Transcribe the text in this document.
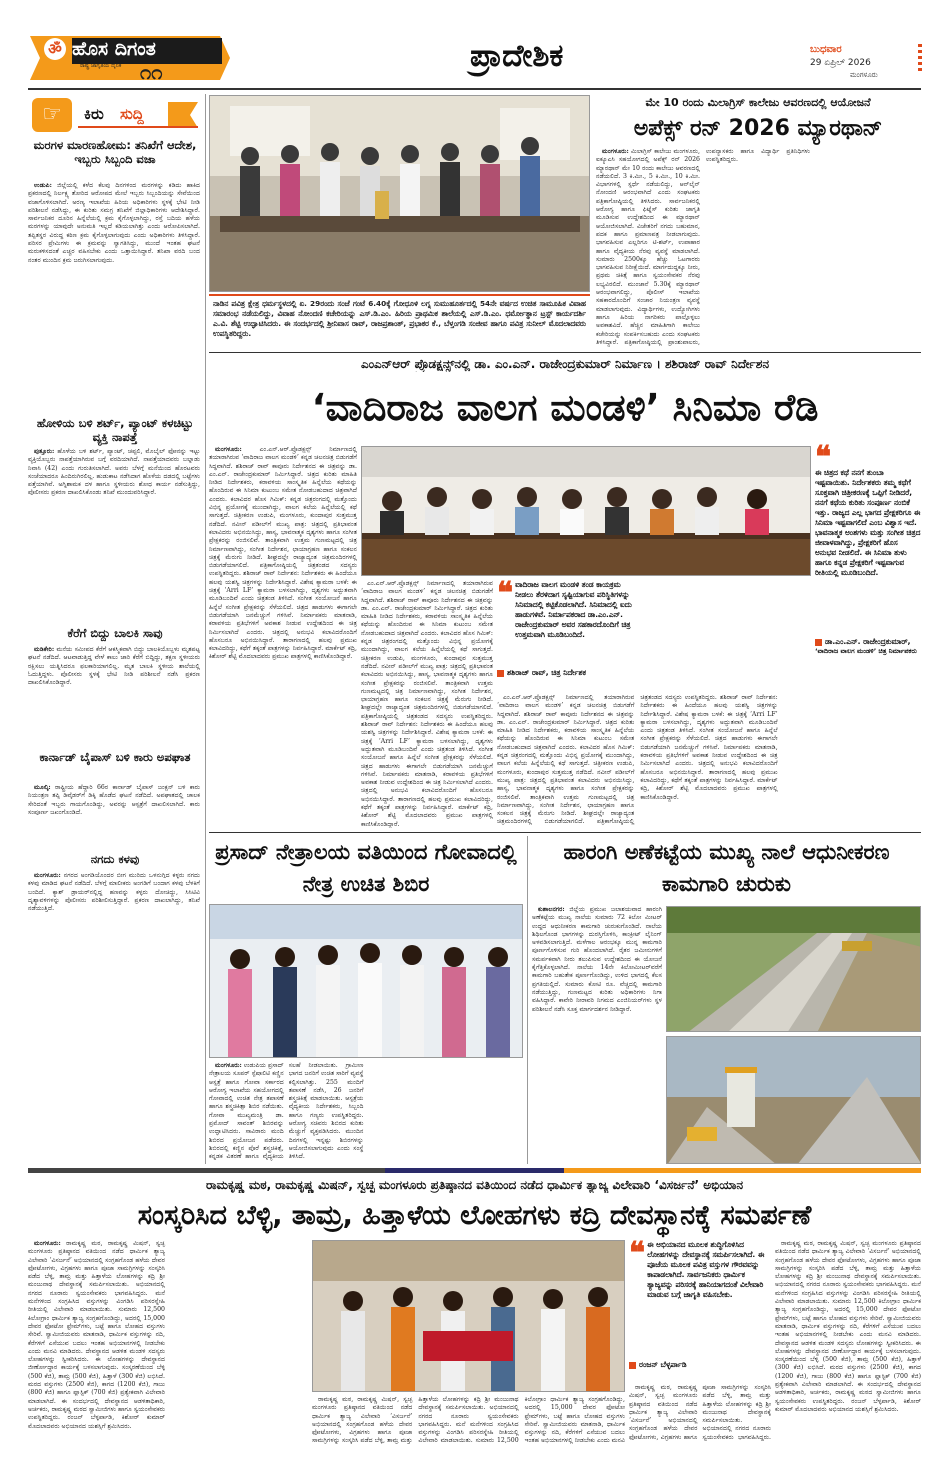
ॐ ಹೊಸ ದಿಗಂತ
ರಾಷ್ಟ್ರ ಜಾಗೃತಿಯ ದೈನಿಕ ೧೧	ಪ್ರಾದೇಶಿಕ	ಬುಧವಾರ
29 ಏಪ್ರಿಲ್ 2026
ಮಂಗಳೂರು
☞	ಕಿರು	ಸುದ್ದಿ
ಮರಗಳ ಮಾರಣಹೋಮ: ತನಿಖೆಗೆ ಆದೇಶ, ಇಬ್ಬರು ಸಿಬ್ಬಂದಿ ವಜಾ

ಉಡುಪಿ: ಜಿಲ್ಲೆಯಲ್ಲಿ ಕಳೆದ ಕೆಲವು ದಿನಗಳಿಂದ ಮರಗಳನ್ನು ಕಡಿದು ಹಾಕಿದ ಪ್ರಕರಣದಲ್ಲಿ ನಿರ್ಲಕ್ಷ್ಯ ತೋರಿದ ಆರೋಪದ ಮೇಲೆ ಇಬ್ಬರು ಸಿಬ್ಬಂದಿಯನ್ನು ಸೇವೆಯಿಂದ ವಜಾಗೊಳಿಸಲಾಗಿದೆ. ಅರಣ್ಯ ಇಲಾಖೆಯ ಹಿರಿಯ ಅಧಿಕಾರಿಗಳು ಸ್ಥಳಕ್ಕೆ ಭೇಟಿ ನೀಡಿ ಪರಿಶೀಲನೆ ನಡೆಸಿದ್ದು, ಈ ಕುರಿತು ಸಮಗ್ರ ತನಿಖೆಗೆ ಜಿಲ್ಲಾಧಿಕಾರಿಗಳು ಆದೇಶಿಸಿದ್ದಾರೆ. ಸಾರ್ವಜನಿಕರ ದೂರಿನ ಹಿನ್ನೆಲೆಯಲ್ಲಿ ಕ್ರಮ ಕೈಗೊಳ್ಳಲಾಗಿದ್ದು, ರಸ್ತೆ ಬದಿಯ ಹಳೆಯ ಮರಗಳನ್ನು ಯಾವುದೇ ಅನುಮತಿ ಇಲ್ಲದೆ ಕಡಿಯಲಾಗಿತ್ತು ಎಂದು ಆರೋಪಿಸಲಾಗಿದೆ. ತಪ್ಪಿತಸ್ಥರ ವಿರುದ್ಧ ಕಠಿಣ ಕ್ರಮ ಕೈಗೊಳ್ಳಲಾಗುವುದು ಎಂದು ಅಧಿಕಾರಿಗಳು ತಿಳಿಸಿದ್ದಾರೆ. ಪರಿಸರ ಪ್ರೇಮಿಗಳು ಈ ಕ್ರಮವನ್ನು ಸ್ವಾಗತಿಸಿದ್ದು, ಮುಂದೆ ಇಂತಹ ಘಟನೆ ಮರುಕಳಿಸದಂತೆ ಎಚ್ಚರ ವಹಿಸಬೇಕು ಎಂದು ಒತ್ತಾಯಿಸಿದ್ದಾರೆ. ತನಿಖಾ ವರದಿ ಬಂದ ನಂತರ ಮುಂದಿನ ಕ್ರಮ ಜರುಗಿಸಲಾಗುವುದು.

ಹೋಳಿಯ ಬಳಿ ಶರ್ಟ್, ಪ್ಯಾಂಟ್ ಕಳಚಿಟ್ಟು ವ್ಯಕ್ತಿ ನಾಪತ್ತೆ

ಪುತ್ತೂರು: ಹೊಳೆಯ ಬಳಿ ಶರ್ಟ್, ಪ್ಯಾಂಟ್, ಚಪ್ಪಲಿ, ಮೊಬೈಲ್ ಫೋನನ್ನು ಇಟ್ಟು ವ್ಯಕ್ತಿಯೊಬ್ಬರು ನಾಪತ್ತೆಯಾಗಿರುವ ಬಗ್ಗೆ ವರದಿಯಾಗಿದೆ. ನಾಪತ್ತೆಯಾದವರು ಬಲ್ನಾಡು ನಿವಾಸಿ (42) ಎಂದು ಗುರುತಿಸಲಾಗಿದೆ. ಅವರು ಬೆಳಗ್ಗೆ ಮನೆಯಿಂದ ಹೊರಟವರು ಸಂಜೆಯಾದರೂ ಹಿಂದಿರುಗಿರಲಿಲ್ಲ. ಹುಡುಕಾಟ ನಡೆಸಿದಾಗ ಹೊಳೆಯ ದಡದಲ್ಲಿ ಬಟ್ಟೆಗಳು ಪತ್ತೆಯಾಗಿವೆ. ಅಗ್ನಿಶಾಮಕ ದಳ ಹಾಗೂ ಸ್ಥಳೀಯರು ಶೋಧ ಕಾರ್ಯ ನಡೆಸುತ್ತಿದ್ದು, ಪೊಲೀಸರು ಪ್ರಕರಣ ದಾಖಲಿಸಿಕೊಂಡು ತನಿಖೆ ಮುಂದುವರಿಸಿದ್ದಾರೆ.

ಕೆರೆಗೆ ಬಿದ್ದು ಬಾಲಕಿ ಸಾವು

ಮಡಿಕೇರಿ: ಮನೆಯ ಸಮೀಪದ ಕೆರೆಗೆ ಆಕಸ್ಮಿಕವಾಗಿ ಬಿದ್ದು ಬಾಲಕಿಯೊಬ್ಬಳು ಮೃತಪಟ್ಟ ಘಟನೆ ನಡೆದಿದೆ. ಆಟವಾಡುತ್ತಿದ್ದ ವೇಳೆ ಕಾಲು ಜಾರಿ ಕೆರೆಗೆ ಬಿದ್ದಿದ್ದು, ತಕ್ಷಣ ಸ್ಥಳೀಯರು ರಕ್ಷಿಸಲು ಯತ್ನಿಸಿದರೂ ಫಲಕಾರಿಯಾಗಲಿಲ್ಲ. ಮೃತ ಬಾಲಕಿ ಸ್ಥಳೀಯ ಶಾಲೆಯಲ್ಲಿ ಓದುತ್ತಿದ್ದಳು. ಪೊಲೀಸರು ಸ್ಥಳಕ್ಕೆ ಭೇಟಿ ನೀಡಿ ಪರಿಶೀಲನೆ ನಡೆಸಿ ಪ್ರಕರಣ ದಾಖಲಿಸಿಕೊಂಡಿದ್ದಾರೆ.

ಕಾರ್ನಾಡ್ ಬೈಪಾಸ್ ಬಳಿ ಕಾರು ಅಪಘಾತ

ಮೂಲ್ಕಿ: ರಾಷ್ಟ್ರೀಯ ಹೆದ್ದಾರಿ 66ರ ಕಾರ್ನಾಡ್ ಬೈಪಾಸ್ ಜಂಕ್ಷನ್ ಬಳಿ ಕಾರು ನಿಯಂತ್ರಣ ತಪ್ಪಿ ಡಿವೈಡರ್‌ಗೆ ಡಿಕ್ಕಿ ಹೊಡೆದ ಘಟನೆ ನಡೆದಿದೆ. ಅಪಘಾತದಲ್ಲಿ ಚಾಲಕ ಸೇರಿದಂತೆ ಇಬ್ಬರು ಗಾಯಗೊಂಡಿದ್ದು, ಅವರನ್ನು ಆಸ್ಪತ್ರೆಗೆ ದಾಖಲಿಸಲಾಗಿದೆ. ಕಾರು ಸಂಪೂರ್ಣ ಜಖಂಗೊಂಡಿದೆ.

ನಗದು ಕಳವು

ಮಂಗಳೂರು: ನಗರದ ಅಂಗಡಿಯೊಂದರ ಬೀಗ ಮುರಿದು ಒಳನುಗ್ಗಿದ ಕಳ್ಳರು ನಗದು ಕಳವು ಮಾಡಿದ ಘಟನೆ ನಡೆದಿದೆ. ಬೆಳಗ್ಗೆ ಮಾಲೀಕರು ಅಂಗಡಿಗೆ ಬಂದಾಗ ಕಳವು ಬೆಳಕಿಗೆ ಬಂದಿದೆ. ಕ್ಯಾಶ್ ಡ್ರಾಯರ್‌ನಲ್ಲಿದ್ದ ಹಣವನ್ನು ಕಳ್ಳರು ದೋಚಿದ್ದು, ಸಿಸಿಟಿವಿ ದೃಶ್ಯಾವಳಿಗಳನ್ನು ಪೊಲೀಸರು ಪರಿಶೀಲಿಸುತ್ತಿದ್ದಾರೆ. ಪ್ರಕರಣ ದಾಖಲಾಗಿದ್ದು, ತನಿಖೆ ನಡೆಯುತ್ತಿದೆ.

ನಾಡಿನ ಪವಿತ್ರ ಕ್ಷೇತ್ರ ಧರ್ಮಸ್ಥಳದಲ್ಲಿ ಏ. 29ರಂದು ಸಂಜೆ ಗಂಟೆ 6.40ಕ್ಕೆ ಗೋಧೂಳಿ ಲಗ್ನ ಸುಮುಹೂರ್ತದಲ್ಲಿ 54ನೇ ವರ್ಷದ ಉಚಿತ ಸಾಮೂಹಿಕ ವಿವಾಹ ಸಮಾರಂಭ ನಡೆಯಲಿದ್ದು, ವಿವಾಹ ನೋಂದಣಿ ಕಚೇರಿಯನ್ನು ಎಸ್.ಡಿ.ಎಂ. ಹಿರಿಯ ಪ್ರಾಥಮಿಕ ಶಾಲೆಯಲ್ಲಿ ಎಸ್.ಡಿ.ಎಂ. ಧರ್ಮೋತ್ಥಾನ ಟ್ರಸ್ಟ್ ಕಾರ್ಯದರ್ಶಿ ಎ.ವಿ. ಶೆಟ್ಟಿ ಉದ್ಘಾಟಿಸಿದರು. ಈ ಸಂದರ್ಭದಲ್ಲಿ ಶ್ರೀನಿವಾಸ ರಾವ್, ರಾಜಪ್ರಶಾಂತ್, ಪ್ರಭಾಕರ ಕೆ., ಬೆಳ್ತಂಗಡಿ ಸಂಜೀವ ಹಾಗೂ ಪವಿತ್ರ ಸುನೀಲ್ ಮೊದಲಾದವರು ಉಪಸ್ಥಿತರಿದ್ದರು.
ಮೇ 10 ರಂದು ಮಿಲಾಗ್ರಿಸ್ ಕಾಲೇಜು ಆವರಣದಲ್ಲಿ ಆಯೋಜನೆ
ಅಪೆಕ್ಸ್ ರನ್ 2026 ಮ್ಯಾರಥಾನ್

ಮಂಗಳೂರು: ಮಿಲಾಗ್ರಿಸ್ ಕಾಲೇಜು ಮಂಗಳೂರು, ಐಕ್ಯೂಎಸಿ ಸಹಯೋಗದಲ್ಲಿ ಅಪೆಕ್ಸ್ ರನ್ 2026 ಮ್ಯಾರಥಾನ್ ಮೇ 10 ರಂದು ಕಾಲೇಜು ಆವರಣದಲ್ಲಿ ನಡೆಯಲಿದೆ. 3 ಕಿ.ಮೀ., 5 ಕಿ.ಮೀ., 10 ಕಿ.ಮೀ. ವಿಭಾಗಗಳಲ್ಲಿ ಸ್ಪರ್ಧೆ ನಡೆಯಲಿದ್ದು, ಆನ್‌ಲೈನ್ ನೋಂದಣಿ ಆರಂಭವಾಗಿದೆ ಎಂದು ಸಂಘಟಕರು ಪತ್ರಿಕಾಗೋಷ್ಠಿಯಲ್ಲಿ ತಿಳಿಸಿದರು. ಸಾರ್ವಜನಿಕರಲ್ಲಿ ಆರೋಗ್ಯ ಹಾಗೂ ಫಿಟ್ನೆಸ್ ಕುರಿತು ಜಾಗೃತಿ ಮೂಡಿಸುವ ಉದ್ದೇಶದಿಂದ ಈ ಮ್ಯಾರಥಾನ್ ಆಯೋಜಿಸಲಾಗಿದೆ. ವಿಜೇತರಿಗೆ ನಗದು ಬಹುಮಾನ, ಪದಕ ಹಾಗೂ ಪ್ರಮಾಣಪತ್ರ ನೀಡಲಾಗುವುದು. ಭಾಗವಹಿಸುವ ಎಲ್ಲರಿಗೂ ಟಿ-ಶರ್ಟ್, ಉಪಾಹಾರ ಹಾಗೂ ವೈದ್ಯಕೀಯ ನೆರವು ವ್ಯವಸ್ಥೆ ಮಾಡಲಾಗಿದೆ. ಸುಮಾರು 2500ಕ್ಕೂ ಹೆಚ್ಚು ಓಟಗಾರರು ಭಾಗವಹಿಸುವ ನಿರೀಕ್ಷೆಯಿದೆ. ಮಾರ್ಗದುದ್ದಕ್ಕೂ ನೀರು, ಪ್ರಥಮ ಚಿಕಿತ್ಸೆ ಹಾಗೂ ಸ್ವಯಂಸೇವಕರ ನೆರವು ಲಭ್ಯವಿರಲಿದೆ. ಮುಂಜಾನೆ 5.30ಕ್ಕೆ ಮ್ಯಾರಥಾನ್ ಆರಂಭವಾಗಲಿದ್ದು, ಪೊಲೀಸ್ ಇಲಾಖೆಯ ಸಹಕಾರದೊಂದಿಗೆ ಸಂಚಾರ ನಿಯಂತ್ರಣ ವ್ಯವಸ್ಥೆ ಮಾಡಲಾಗುವುದು. ವಿದ್ಯಾರ್ಥಿಗಳು, ಉದ್ಯೋಗಿಗಳು ಹಾಗೂ ಹಿರಿಯ ನಾಗರಿಕರು ಪಾಲ್ಗೊಳ್ಳಲು ಅವಕಾಶವಿದೆ. ಹೆಚ್ಚಿನ ಮಾಹಿತಿಗಾಗಿ ಕಾಲೇಜು ಕಚೇರಿಯನ್ನು ಸಂಪರ್ಕಿಸಬಹುದು ಎಂದು ಸಂಘಟಕರು ತಿಳಿಸಿದ್ದಾರೆ. ಪತ್ರಿಕಾಗೋಷ್ಠಿಯಲ್ಲಿ ಪ್ರಾಂಶುಪಾಲರು, ಉಪನ್ಯಾಸಕರು ಹಾಗೂ ವಿದ್ಯಾರ್ಥಿ ಪ್ರತಿನಿಧಿಗಳು ಉಪಸ್ಥಿತರಿದ್ದರು.

ಎಂಎನ್ಆರ್ ಪ್ರೊಡಕ್ಷನ್ಸ್‌ನಲ್ಲಿ ಡಾ. ಎಂ.ಎನ್. ರಾಜೇಂದ್ರಕುಮಾರ್ ನಿರ್ಮಾಣ । ಶಶಿರಾಜ್ ರಾವ್ ನಿರ್ದೇಶನ
‘ವಾದಿರಾಜ ವಾಲಗ ಮಂಡಳಿ’ ಸಿನಿಮಾ ರೆಡಿ

ಮಂಗಳೂರು:	ಎಂ.ಎನ್.ಆರ್.ಪ್ರೊಡಕ್ಷನ್ಸ್ ನಿರ್ಮಾಣದಲ್ಲಿ ತಯಾರಾಗಿರುವ ‘ವಾದಿರಾಜ ವಾಲಗ ಮಂಡಳಿ’ ಕನ್ನಡ ಚಲನಚಿತ್ರ ಬಿಡುಗಡೆಗೆ ಸಿದ್ಧವಾಗಿದೆ. ಶಶಿರಾಜ್ ರಾವ್ ಕಾವೂರು ನಿರ್ದೇಶನದ ಈ ಚಿತ್ರವನ್ನು ಡಾ. ಎಂ.ಎನ್. ರಾಜೇಂದ್ರಕುಮಾರ್ ನಿರ್ಮಿಸಿದ್ದಾರೆ. ಚಿತ್ರದ ಕುರಿತು ಮಾಹಿತಿ ನೀಡಿದ ನಿರ್ದೇಶಕರು, ಕರಾವಳಿಯ ಸಾಂಸ್ಕೃತಿಕ ಹಿನ್ನೆಲೆಯ ಕಥೆಯನ್ನು ಹೊಂದಿರುವ ಈ ಸಿನಿಮಾ ಕುಟುಂಬ ಸಮೇತ ನೋಡಬಹುದಾದ ಚಿತ್ರವಾಗಿದೆ ಎಂದರು. ಕಲಾವಿದರ ಹೊಸ ಗಿಮಿಕ್: ಕನ್ನಡ ಚಿತ್ರರಂಗದಲ್ಲಿ ಮತ್ತೊಂದು ವಿಭಿನ್ನ ಪ್ರಯೋಗಕ್ಕೆ ಮುಂದಾಗಿದ್ದು, ವಾಲಗ ಕಲೆಯ ಹಿನ್ನೆಲೆಯಲ್ಲಿ ಕಥೆ ಸಾಗುತ್ತದೆ. ಚಿತ್ರೀಕರಣ ಉಡುಪಿ, ಮಂಗಳೂರು, ಕುಂದಾಪುರ ಸುತ್ತಮುತ್ತ ನಡೆದಿದೆ. ನವೀನ್ ಪಡೀಲ್‌ಗೆ ಮುಖ್ಯ ಪಾತ್ರ: ಚಿತ್ರದಲ್ಲಿ ಪ್ರತಿಭಾವಂತ ಕಲಾವಿದರು ಅಭಿನಯಿಸಿದ್ದು, ಹಾಸ್ಯ, ಭಾವನಾತ್ಮಕ ದೃಶ್ಯಗಳು ಹಾಗೂ ಸಂಗೀತ ಪ್ರೇಕ್ಷಕರನ್ನು ರಂಜಿಸಲಿವೆ. ತಾಂತ್ರಿಕವಾಗಿ ಉತ್ತಮ ಗುಣಮಟ್ಟದಲ್ಲಿ ಚಿತ್ರ ನಿರ್ಮಾಣವಾಗಿದ್ದು, ಸಂಗೀತ ನಿರ್ದೇಶನ, ಛಾಯಾಗ್ರಹಣ ಹಾಗೂ ಸಂಕಲನ ಚಿತ್ರಕ್ಕೆ ಮೆರುಗು ನೀಡಿದೆ. ಶೀಘ್ರದಲ್ಲೇ ರಾಜ್ಯಾದ್ಯಂತ ಚಿತ್ರಮಂದಿರಗಳಲ್ಲಿ ಬಿಡುಗಡೆಯಾಗಲಿದೆ. ಪತ್ರಿಕಾಗೋಷ್ಠಿಯಲ್ಲಿ ಚಿತ್ರತಂಡದ ಸದಸ್ಯರು ಉಪಸ್ಥಿತರಿದ್ದರು. ಶಶಿರಾಜ್ ರಾವ್ ನಿರ್ದೇಶನ: ನಿರ್ದೇಶಕರು ಈ ಹಿಂದೆಯೂ ಹಲವು ಯಶಸ್ವಿ ಚಿತ್ರಗಳನ್ನು ನಿರ್ದೇಶಿಸಿದ್ದಾರೆ. ವಿಶೇಷ ಕ್ಯಾಮರಾ ಬಳಕೆ: ಈ ಚಿತ್ರಕ್ಕೆ ‘Arri LF’ ಕ್ಯಾಮರಾ ಬಳಸಲಾಗಿದ್ದು, ದೃಶ್ಯಗಳು ಅದ್ಭುತವಾಗಿ ಮೂಡಿಬಂದಿವೆ ಎಂದು ಚಿತ್ರತಂಡ ತಿಳಿಸಿದೆ. ಸಂಗೀತ ಸಂಯೋಜನೆ ಹಾಗೂ ಹಿನ್ನೆಲೆ ಸಂಗೀತ ಪ್ರೇಕ್ಷಕರನ್ನು ಸೆಳೆಯಲಿದೆ. ಚಿತ್ರದ ಹಾಡುಗಳು ಈಗಾಗಲೇ ಬಿಡುಗಡೆಯಾಗಿ ಜನಮೆಚ್ಚುಗೆ ಗಳಿಸಿವೆ. ನಿರ್ಮಾಪಕರು ಮಾತನಾಡಿ, ಕರಾವಳಿಯ ಪ್ರತಿಭೆಗಳಿಗೆ ಅವಕಾಶ ನೀಡುವ ಉದ್ದೇಶದಿಂದ ಈ ಚಿತ್ರ ನಿರ್ಮಿಸಲಾಗಿದೆ ಎಂದರು. ಚಿತ್ರದಲ್ಲಿ ಅನುಭವಿ ಕಲಾವಿದರೊಂದಿಗೆ ಹೊಸಬರೂ ಅಭಿನಯಿಸಿದ್ದಾರೆ. ತಾರಾಗಣದಲ್ಲಿ ಹಲವು ಪ್ರಮುಖ ಕಲಾವಿದರಿದ್ದು, ಕಥೆಗೆ ತಕ್ಕಂತೆ ಪಾತ್ರಗಳನ್ನು ನಿರ್ವಹಿಸಿದ್ದಾರೆ. ಮಾರ್ಕೆಟ್ ಕದ್ರಿ, ಕಿಶೋರ್ ಶೆಟ್ಟಿ ಮೊದಲಾದವರು ಪ್ರಮುಖ ಪಾತ್ರಗಳಲ್ಲಿ ಕಾಣಿಸಿಕೊಂಡಿದ್ದಾರೆ.

❝
ಈ ಚಿತ್ರದ ಕಥೆ ನನಗೆ ತುಂಬಾ ಇಷ್ಟವಾಯಿತು. ನಿರ್ದೇಶಕರು ತಮ್ಮ ಕಥೆಗೆ ಸೂಕ್ತವಾಗಿ ಚಿತ್ರೀಕರಣಕ್ಕೆ ಒಪ್ಪಿಗೆ ನೀಡಿದರೆ, ನನಗೆ ಕಥೆಯ ಕುರಿತು ಸಂಪೂರ್ಣ ನಂಬಿಕೆ ಇತ್ತು. ರಾಜ್ಯದ ಎಲ್ಲ ಭಾಗದ ಪ್ರೇಕ್ಷಕರಿಗೂ ಈ ಸಿನಿಮಾ ಇಷ್ಟವಾಗಲಿದೆ ಎಂಬ ವಿಶ್ವಾಸ ಇದೆ. ಭಾವನಾತ್ಮಕ ಅಂಶಗಳು ಮತ್ತು ಸಂಗೀತ ಚಿತ್ರದ ಜೀವಾಳವಾಗಿದ್ದು, ಪ್ರೇಕ್ಷಕರಿಗೆ ಹೊಸ ಅನುಭವ ನೀಡಲಿದೆ. ಈ ಸಿನಿಮಾ ತುಳು ಹಾಗೂ ಕನ್ನಡ ಪ್ರೇಕ್ಷಕರಿಗೆ ಇಷ್ಟವಾಗುವ ರೀತಿಯಲ್ಲಿ ಮೂಡಿಬಂದಿದೆ.
ಡಾ.ಎಂ.ಎನ್. ರಾಜೇಂದ್ರಕುಮಾರ್,
‘ವಾದಿರಾಜ ವಾಲಗ ಮಂಡಳಿ’ ಚಿತ್ರ ನಿರ್ಮಾಪಕರು

ಎಂ.ಎನ್.ಆರ್.ಪ್ರೊಡಕ್ಷನ್ಸ್ ನಿರ್ಮಾಣದಲ್ಲಿ ತಯಾರಾಗಿರುವ ‘ವಾದಿರಾಜ ವಾಲಗ ಮಂಡಳಿ’ ಕನ್ನಡ ಚಲನಚಿತ್ರ ಬಿಡುಗಡೆಗೆ ಸಿದ್ಧವಾಗಿದೆ. ಶಶಿರಾಜ್ ರಾವ್ ಕಾವೂರು ನಿರ್ದೇಶನದ ಈ ಚಿತ್ರವನ್ನು ಡಾ. ಎಂ.ಎನ್. ರಾಜೇಂದ್ರಕುಮಾರ್ ನಿರ್ಮಿಸಿದ್ದಾರೆ. ಚಿತ್ರದ ಕುರಿತು ಮಾಹಿತಿ ನೀಡಿದ ನಿರ್ದೇಶಕರು, ಕರಾವಳಿಯ ಸಾಂಸ್ಕೃತಿಕ ಹಿನ್ನೆಲೆಯ ಕಥೆಯನ್ನು ಹೊಂದಿರುವ ಈ ಸಿನಿಮಾ ಕುಟುಂಬ ಸಮೇತ ನೋಡಬಹುದಾದ ಚಿತ್ರವಾಗಿದೆ ಎಂದರು. ಕಲಾವಿದರ ಹೊಸ ಗಿಮಿಕ್: ಕನ್ನಡ ಚಿತ್ರರಂಗದಲ್ಲಿ ಮತ್ತೊಂದು ವಿಭಿನ್ನ ಪ್ರಯೋಗಕ್ಕೆ ಮುಂದಾಗಿದ್ದು, ವಾಲಗ ಕಲೆಯ ಹಿನ್ನೆಲೆಯಲ್ಲಿ ಕಥೆ ಸಾಗುತ್ತದೆ. ಚಿತ್ರೀಕರಣ ಉಡುಪಿ, ಮಂಗಳೂರು, ಕುಂದಾಪುರ ಸುತ್ತಮುತ್ತ ನಡೆದಿದೆ. ನವೀನ್ ಪಡೀಲ್‌ಗೆ ಮುಖ್ಯ ಪಾತ್ರ: ಚಿತ್ರದಲ್ಲಿ ಪ್ರತಿಭಾವಂತ ಕಲಾವಿದರು ಅಭಿನಯಿಸಿದ್ದು, ಹಾಸ್ಯ, ಭಾವನಾತ್ಮಕ ದೃಶ್ಯಗಳು ಹಾಗೂ ಸಂಗೀತ ಪ್ರೇಕ್ಷಕರನ್ನು ರಂಜಿಸಲಿವೆ. ತಾಂತ್ರಿಕವಾಗಿ ಉತ್ತಮ ಗುಣಮಟ್ಟದಲ್ಲಿ ಚಿತ್ರ ನಿರ್ಮಾಣವಾಗಿದ್ದು, ಸಂಗೀತ ನಿರ್ದೇಶನ, ಛಾಯಾಗ್ರಹಣ ಹಾಗೂ ಸಂಕಲನ ಚಿತ್ರಕ್ಕೆ ಮೆರುಗು ನೀಡಿದೆ. ಶೀಘ್ರದಲ್ಲೇ ರಾಜ್ಯಾದ್ಯಂತ ಚಿತ್ರಮಂದಿರಗಳಲ್ಲಿ ಬಿಡುಗಡೆಯಾಗಲಿದೆ. ಪತ್ರಿಕಾಗೋಷ್ಠಿಯಲ್ಲಿ ಚಿತ್ರತಂಡದ ಸದಸ್ಯರು ಉಪಸ್ಥಿತರಿದ್ದರು. ಶಶಿರಾಜ್ ರಾವ್ ನಿರ್ದೇಶನ: ನಿರ್ದೇಶಕರು ಈ ಹಿಂದೆಯೂ ಹಲವು ಯಶಸ್ವಿ ಚಿತ್ರಗಳನ್ನು ನಿರ್ದೇಶಿಸಿದ್ದಾರೆ. ವಿಶೇಷ ಕ್ಯಾಮರಾ ಬಳಕೆ: ಈ ಚಿತ್ರಕ್ಕೆ ‘Arri LF’ ಕ್ಯಾಮರಾ ಬಳಸಲಾಗಿದ್ದು, ದೃಶ್ಯಗಳು ಅದ್ಭುತವಾಗಿ ಮೂಡಿಬಂದಿವೆ ಎಂದು ಚಿತ್ರತಂಡ ತಿಳಿಸಿದೆ. ಸಂಗೀತ ಸಂಯೋಜನೆ ಹಾಗೂ ಹಿನ್ನೆಲೆ ಸಂಗೀತ ಪ್ರೇಕ್ಷಕರನ್ನು ಸೆಳೆಯಲಿದೆ. ಚಿತ್ರದ ಹಾಡುಗಳು ಈಗಾಗಲೇ ಬಿಡುಗಡೆಯಾಗಿ ಜನಮೆಚ್ಚುಗೆ ಗಳಿಸಿವೆ. ನಿರ್ಮಾಪಕರು ಮಾತನಾಡಿ, ಕರಾವಳಿಯ ಪ್ರತಿಭೆಗಳಿಗೆ ಅವಕಾಶ ನೀಡುವ ಉದ್ದೇಶದಿಂದ ಈ ಚಿತ್ರ ನಿರ್ಮಿಸಲಾಗಿದೆ ಎಂದರು. ಚಿತ್ರದಲ್ಲಿ ಅನುಭವಿ ಕಲಾವಿದರೊಂದಿಗೆ ಹೊಸಬರೂ ಅಭಿನಯಿಸಿದ್ದಾರೆ. ತಾರಾಗಣದಲ್ಲಿ ಹಲವು ಪ್ರಮುಖ ಕಲಾವಿದರಿದ್ದು, ಕಥೆಗೆ ತಕ್ಕಂತೆ ಪಾತ್ರಗಳನ್ನು ನಿರ್ವಹಿಸಿದ್ದಾರೆ. ಮಾರ್ಕೆಟ್ ಕದ್ರಿ, ಕಿಶೋರ್ ಶೆಟ್ಟಿ ಮೊದಲಾದವರು ಪ್ರಮುಖ ಪಾತ್ರಗಳಲ್ಲಿ ಕಾಣಿಸಿಕೊಂಡಿದ್ದಾರೆ.

❝ ವಾದಿರಾಜ ವಾಲಗ ಮಂಡಳಿ ತಂಡ ಕಾಯಕ್ರಮ ನೀಡಲು ತೆರಳಿದಾಗ ಸೃಷ್ಟಿಯಾಗುವ ಪರಿಸ್ಥಿತಿಗಳನ್ನು ಸಿನಿಮಾದಲ್ಲಿ ಕಟ್ಟಿಕೊಡಲಾಗಿದೆ. ಸಿನಿಮಾದಲ್ಲಿ ಐದು ಹಾಡುಗಳಿವೆ. ನಿರ್ಮಾಪಕರಾದ ಡಾ.ಎಂ.ಎನ್. ರಾಜೇಂದ್ರಕುಮಾರ್ ಅವರ ಸಹಕಾರದೊಂದಿಗೆ ಚಿತ್ರ ಉತ್ತಮವಾಗಿ ಮೂಡಿಬಂದಿದೆ.
ಶಶಿರಾಜ್ ರಾವ್, ಚಿತ್ರ ನಿರ್ದೇಶಕ

ಎಂ.ಎನ್.ಆರ್.ಪ್ರೊಡಕ್ಷನ್ಸ್ ನಿರ್ಮಾಣದಲ್ಲಿ ತಯಾರಾಗಿರುವ ‘ವಾದಿರಾಜ ವಾಲಗ ಮಂಡಳಿ’ ಕನ್ನಡ ಚಲನಚಿತ್ರ ಬಿಡುಗಡೆಗೆ ಸಿದ್ಧವಾಗಿದೆ. ಶಶಿರಾಜ್ ರಾವ್ ಕಾವೂರು ನಿರ್ದೇಶನದ ಈ ಚಿತ್ರವನ್ನು ಡಾ. ಎಂ.ಎನ್. ರಾಜೇಂದ್ರಕುಮಾರ್ ನಿರ್ಮಿಸಿದ್ದಾರೆ. ಚಿತ್ರದ ಕುರಿತು ಮಾಹಿತಿ ನೀಡಿದ ನಿರ್ದೇಶಕರು, ಕರಾವಳಿಯ ಸಾಂಸ್ಕೃತಿಕ ಹಿನ್ನೆಲೆಯ ಕಥೆಯನ್ನು ಹೊಂದಿರುವ ಈ ಸಿನಿಮಾ ಕುಟುಂಬ ಸಮೇತ ನೋಡಬಹುದಾದ ಚಿತ್ರವಾಗಿದೆ ಎಂದರು. ಕಲಾವಿದರ ಹೊಸ ಗಿಮಿಕ್: ಕನ್ನಡ ಚಿತ್ರರಂಗದಲ್ಲಿ ಮತ್ತೊಂದು ವಿಭಿನ್ನ ಪ್ರಯೋಗಕ್ಕೆ ಮುಂದಾಗಿದ್ದು, ವಾಲಗ ಕಲೆಯ ಹಿನ್ನೆಲೆಯಲ್ಲಿ ಕಥೆ ಸಾಗುತ್ತದೆ. ಚಿತ್ರೀಕರಣ ಉಡುಪಿ, ಮಂಗಳೂರು, ಕುಂದಾಪುರ ಸುತ್ತಮುತ್ತ ನಡೆದಿದೆ. ನವೀನ್ ಪಡೀಲ್‌ಗೆ ಮುಖ್ಯ ಪಾತ್ರ: ಚಿತ್ರದಲ್ಲಿ ಪ್ರತಿಭಾವಂತ ಕಲಾವಿದರು ಅಭಿನಯಿಸಿದ್ದು, ಹಾಸ್ಯ, ಭಾವನಾತ್ಮಕ ದೃಶ್ಯಗಳು ಹಾಗೂ ಸಂಗೀತ ಪ್ರೇಕ್ಷಕರನ್ನು ರಂಜಿಸಲಿವೆ. ತಾಂತ್ರಿಕವಾಗಿ ಉತ್ತಮ ಗುಣಮಟ್ಟದಲ್ಲಿ ಚಿತ್ರ ನಿರ್ಮಾಣವಾಗಿದ್ದು, ಸಂಗೀತ ನಿರ್ದೇಶನ, ಛಾಯಾಗ್ರಹಣ ಹಾಗೂ ಸಂಕಲನ ಚಿತ್ರಕ್ಕೆ ಮೆರುಗು ನೀಡಿದೆ. ಶೀಘ್ರದಲ್ಲೇ ರಾಜ್ಯಾದ್ಯಂತ ಚಿತ್ರಮಂದಿರಗಳಲ್ಲಿ ಬಿಡುಗಡೆಯಾಗಲಿದೆ. ಪತ್ರಿಕಾಗೋಷ್ಠಿಯಲ್ಲಿ ಚಿತ್ರತಂಡದ ಸದಸ್ಯರು ಉಪಸ್ಥಿತರಿದ್ದರು. ಶಶಿರಾಜ್ ರಾವ್ ನಿರ್ದೇಶನ: ನಿರ್ದೇಶಕರು ಈ ಹಿಂದೆಯೂ ಹಲವು ಯಶಸ್ವಿ ಚಿತ್ರಗಳನ್ನು ನಿರ್ದೇಶಿಸಿದ್ದಾರೆ. ವಿಶೇಷ ಕ್ಯಾಮರಾ ಬಳಕೆ: ಈ ಚಿತ್ರಕ್ಕೆ ‘Arri LF’ ಕ್ಯಾಮರಾ ಬಳಸಲಾಗಿದ್ದು, ದೃಶ್ಯಗಳು ಅದ್ಭುತವಾಗಿ ಮೂಡಿಬಂದಿವೆ ಎಂದು ಚಿತ್ರತಂಡ ತಿಳಿಸಿದೆ. ಸಂಗೀತ ಸಂಯೋಜನೆ ಹಾಗೂ ಹಿನ್ನೆಲೆ ಸಂಗೀತ ಪ್ರೇಕ್ಷಕರನ್ನು ಸೆಳೆಯಲಿದೆ. ಚಿತ್ರದ ಹಾಡುಗಳು ಈಗಾಗಲೇ ಬಿಡುಗಡೆಯಾಗಿ ಜನಮೆಚ್ಚುಗೆ ಗಳಿಸಿವೆ. ನಿರ್ಮಾಪಕರು ಮಾತನಾಡಿ, ಕರಾವಳಿಯ ಪ್ರತಿಭೆಗಳಿಗೆ ಅವಕಾಶ ನೀಡುವ ಉದ್ದೇಶದಿಂದ ಈ ಚಿತ್ರ ನಿರ್ಮಿಸಲಾಗಿದೆ ಎಂದರು. ಚಿತ್ರದಲ್ಲಿ ಅನುಭವಿ ಕಲಾವಿದರೊಂದಿಗೆ ಹೊಸಬರೂ ಅಭಿನಯಿಸಿದ್ದಾರೆ. ತಾರಾಗಣದಲ್ಲಿ ಹಲವು ಪ್ರಮುಖ ಕಲಾವಿದರಿದ್ದು, ಕಥೆಗೆ ತಕ್ಕಂತೆ ಪಾತ್ರಗಳನ್ನು ನಿರ್ವಹಿಸಿದ್ದಾರೆ. ಮಾರ್ಕೆಟ್ ಕದ್ರಿ, ಕಿಶೋರ್ ಶೆಟ್ಟಿ ಮೊದಲಾದವರು ಪ್ರಮುಖ ಪಾತ್ರಗಳಲ್ಲಿ ಕಾಣಿಸಿಕೊಂಡಿದ್ದಾರೆ.

ಪ್ರಸಾದ್ ನೇತ್ರಾಲಯ ವತಿಯಿಂದ ಗೋವಾದಲ್ಲಿ ನೇತ್ರ ಉಚಿತ ಶಿಬಿರ

ಮಂಗಳೂರು: ಉಡುಪಿಯ ಪ್ರಸಾದ್ ನೇತ್ರಾಲಯ ಸೂಪರ್ ಸ್ಪೆಷಾಲಿಟಿ ಕಣ್ಣಿನ ಆಸ್ಪತ್ರೆ ಹಾಗೂ ಗೋವಾ ಸರ್ಕಾರದ ಆರೋಗ್ಯ ಇಲಾಖೆಯ ಸಹಯೋಗದಲ್ಲಿ ಗೋವಾದಲ್ಲಿ ಉಚಿತ ನೇತ್ರ ತಪಾಸಣೆ ಹಾಗೂ ಶಸ್ತ್ರಚಿಕಿತ್ಸಾ ಶಿಬಿರ ನಡೆಯಿತು. ಗೋವಾ ಮುಖ್ಯಮಂತ್ರಿ ಡಾ. ಪ್ರಮೋದ್ ಸಾವಂತ್ ಶಿಬಿರವನ್ನು ಉದ್ಘಾಟಿಸಿದರು. ಸಾವಿರಾರು ಮಂದಿ ಶಿಬಿರದ ಪ್ರಯೋಜನ ಪಡೆದರು. ಶಿಬಿರದಲ್ಲಿ ಕಣ್ಣಿನ ಪೊರೆ ಶಸ್ತ್ರಚಿಕಿತ್ಸೆ, ಕನ್ನಡಕ ವಿತರಣೆ ಹಾಗೂ ವೈದ್ಯಕೀಯ ಸಲಹೆ ನೀಡಲಾಯಿತು. ಗ್ರಾಮೀಣ ಭಾಗದ ಜನರಿಗೆ ಉಚಿತ ಸಾರಿಗೆ ವ್ಯವಸ್ಥೆ ಕಲ್ಪಿಸಲಾಗಿತ್ತು. 255 ಮಂದಿಗೆ ತಪಾಸಣೆ ನಡೆಸಿ, 26 ಜನರಿಗೆ ಶಸ್ತ್ರಚಿಕಿತ್ಸೆ ಮಾಡಲಾಯಿತು. ಆಸ್ಪತ್ರೆಯ ವೈದ್ಯಕೀಯ ನಿರ್ದೇಶಕರು, ಸಿಬ್ಬಂದಿ ಹಾಗೂ ಗಣ್ಯರು ಉಪಸ್ಥಿತರಿದ್ದರು. ಆರೋಗ್ಯ ಸಚಿವರು ಶಿಬಿರದ ಕುರಿತು ಮೆಚ್ಚುಗೆ ವ್ಯಕ್ತಪಡಿಸಿದರು. ಮುಂದಿನ ದಿನಗಳಲ್ಲಿ ಇನ್ನಷ್ಟು ಶಿಬಿರಗಳನ್ನು ಆಯೋಜಿಸಲಾಗುವುದು ಎಂದು ಸಂಸ್ಥೆ ತಿಳಿಸಿದೆ.

ಹಾರಂಗಿ ಅಣೆಕಟ್ಟೆಯ ಮುಖ್ಯ ನಾಲೆ ಆಧುನೀಕರಣ ಕಾಮಗಾರಿ ಚುರುಕು

ಕುಶಾಲನಗರ: ಜಿಲ್ಲೆಯ ಪ್ರಮುಖ ಜಲಾಶಯವಾದ ಹಾರಂಗಿ ಅಣೆಕಟ್ಟೆಯ ಮುಖ್ಯ ನಾಲೆಯ ಸುಮಾರು 72 ಕಿಲೋ ಮೀಟರ್ ಉದ್ದದ ಆಧುನೀಕರಣ ಕಾಮಗಾರಿ ಚುರುಕುಗೊಂಡಿದೆ. ನಾಲೆಯ ಶಿಥಿಲಗೊಂಡ ಭಾಗಗಳನ್ನು ದುರಸ್ತಿಗೊಳಿಸಿ, ಕಾಂಕ್ರೀಟ್ ಲೈನಿಂಗ್ ಅಳವಡಿಸಲಾಗುತ್ತಿದೆ. ಮಳೆಗಾಲ ಆರಂಭಕ್ಕೂ ಮುನ್ನ ಕಾಮಗಾರಿ ಪೂರ್ಣಗೊಳಿಸುವ ಗುರಿ ಹೊಂದಲಾಗಿದೆ. ರೈತರ ಜಮೀನುಗಳಿಗೆ ಸಮರ್ಪಕವಾಗಿ ನೀರು ತಲುಪಿಸುವ ಉದ್ದೇಶದಿಂದ ಈ ಯೋಜನೆ ಕೈಗೆತ್ತಿಕೊಳ್ಳಲಾಗಿದೆ. ನಾಲೆಯ 14ನೇ ಕಿಲೋಮೀಟರ್‌ವರೆಗೆ ಕಾಮಗಾರಿ ಬಹುತೇಕ ಪೂರ್ಣಗೊಂಡಿದ್ದು, ಉಳಿದ ಭಾಗದಲ್ಲಿ ಕೆಲಸ ಪ್ರಗತಿಯಲ್ಲಿದೆ. ಸುಮಾರು ಕೋಟಿ ರೂ. ವೆಚ್ಚದಲ್ಲಿ ಕಾಮಗಾರಿ ನಡೆಯುತ್ತಿದ್ದು, ಗುಣಮಟ್ಟದ ಕುರಿತು ಅಧಿಕಾರಿಗಳು ನಿಗಾ ವಹಿಸಿದ್ದಾರೆ. ಕಾವೇರಿ ನೀರಾವರಿ ನಿಗಮದ ಎಂಜಿನಿಯರ್‌ಗಳು ಸ್ಥಳ ಪರಿಶೀಲನೆ ನಡೆಸಿ ಸೂಕ್ತ ಮಾರ್ಗದರ್ಶನ ನೀಡಿದ್ದಾರೆ.

ರಾಮಕೃಷ್ಣ ಮಠ, ರಾಮಕೃಷ್ಣ ಮಿಷನ್, ಸ್ವಚ್ಛ ಮಂಗಳೂರು ಪ್ರತಿಷ್ಠಾನದ ವತಿಯಿಂದ ನಡೆದ ಧಾರ್ಮಿಕ ತ್ಯಾಜ್ಯ ವಿಲೇವಾರಿ ‘ವಿಸರ್ಜನೆ’ ಅಭಿಯಾನ
ಸಂಸ್ಕರಿಸಿದ ಬೆಳ್ಳಿ, ತಾಮ್ರ, ಹಿತ್ತಾಳೆಯ ಲೋಹಗಳು ಕದ್ರಿ ದೇವಸ್ಥಾನಕ್ಕೆ ಸಮರ್ಪಣೆ

ಮಂಗಳೂರು: ರಾಮಕೃಷ್ಣ ಮಠ, ರಾಮಕೃಷ್ಣ ಮಿಷನ್, ಸ್ವಚ್ಛ ಮಂಗಳೂರು ಪ್ರತಿಷ್ಠಾನದ ವತಿಯಿಂದ ನಡೆದ ಧಾರ್ಮಿಕ ತ್ಯಾಜ್ಯ ವಿಲೇವಾರಿ ‘ವಿಸರ್ಜನೆ’ ಅಭಿಯಾನದಲ್ಲಿ ಸಂಗ್ರಹಗೊಂಡ ಹಳೆಯ ದೇವರ ಫೋಟೋಗಳು, ವಿಗ್ರಹಗಳು ಹಾಗೂ ಪೂಜಾ ಸಾಮಗ್ರಿಗಳನ್ನು ಸಂಸ್ಕರಿಸಿ ಪಡೆದ ಬೆಳ್ಳಿ, ತಾಮ್ರ ಮತ್ತು ಹಿತ್ತಾಳೆಯ ಲೋಹಗಳನ್ನು ಕದ್ರಿ ಶ್ರೀ ಮಂಜುನಾಥ ದೇವಸ್ಥಾನಕ್ಕೆ ಸಮರ್ಪಿಸಲಾಯಿತು. ಅಭಿಯಾನದಲ್ಲಿ ನಗರದ ನೂರಾರು ಸ್ವಯಂಸೇವಕರು ಭಾಗವಹಿಸಿದ್ದರು. ಮನೆ ಮನೆಗಳಿಂದ ಸಂಗ್ರಹಿಸಿದ ವಸ್ತುಗಳನ್ನು ವಿಂಗಡಿಸಿ ಪರಿಸರಸ್ನೇಹಿ ರೀತಿಯಲ್ಲಿ ವಿಲೇವಾರಿ ಮಾಡಲಾಯಿತು. ಸುಮಾರು 12,500 ಕಿಲೋಗ್ರಾಂ ಧಾರ್ಮಿಕ ತ್ಯಾಜ್ಯ ಸಂಗ್ರಹಗೊಂಡಿದ್ದು, ಅದರಲ್ಲಿ 15,000 ದೇವರ ಫೋಟೋ ಫ್ರೇಮ್‌ಗಳು, ಬಟ್ಟೆ ಹಾಗೂ ಲೋಹದ ವಸ್ತುಗಳು ಸೇರಿವೆ. ಸ್ವಾಮೀಜಿಯವರು ಮಾತನಾಡಿ, ಧಾರ್ಮಿಕ ವಸ್ತುಗಳನ್ನು ನದಿ, ಕೆರೆಗಳಿಗೆ ಎಸೆಯುವ ಬದಲು ಇಂತಹ ಅಭಿಯಾನಗಳಲ್ಲಿ ನೀಡಬೇಕು ಎಂದು ಮನವಿ ಮಾಡಿದರು. ದೇವಸ್ಥಾನದ ಆಡಳಿತ ಮಂಡಳಿ ಸದಸ್ಯರು ಲೋಹಗಳನ್ನು ಸ್ವೀಕರಿಸಿದರು. ಈ ಲೋಹಗಳನ್ನು ದೇವಸ್ಥಾನದ ಜೀರ್ಣೋದ್ಧಾರ ಕಾರ್ಯಕ್ಕೆ ಬಳಸಲಾಗುವುದು. ಸಂಸ್ಕರಣೆಯಿಂದ ಬೆಳ್ಳಿ (500 ಕೆಜಿ), ತಾಮ್ರ (500 ಕೆಜಿ), ಹಿತ್ತಾಳೆ (300 ಕೆಜಿ) ಲಭಿಸಿದೆ. ಮರದ ವಸ್ತುಗಳು (2500 ಕೆಜಿ), ಕಾಗದ (1200 ಕೆಜಿ), ಗಾಜು (800 ಕೆಜಿ) ಹಾಗೂ ಪ್ಲಾಸ್ಟಿಕ್ (700 ಕೆಜಿ) ಪ್ರತ್ಯೇಕವಾಗಿ ವಿಲೇವಾರಿ ಮಾಡಲಾಗಿದೆ. ಈ ಸಂದರ್ಭದಲ್ಲಿ ದೇವಸ್ಥಾನದ ಆಡಳಿತಾಧಿಕಾರಿ, ಅರ್ಚಕರು, ರಾಮಕೃಷ್ಣ ಮಠದ ಸ್ವಾಮೀಜಿಗಳು ಹಾಗೂ ಸ್ವಯಂಸೇವಕರು ಉಪಸ್ಥಿತರಿದ್ದರು. ರಂಜನ್ ಬೆಳ್ಳರ್ಪಾಡಿ, ಕಿಶೋರ್ ಕುಮಾರ್ ಮೊದಲಾದವರು ಅಭಿಯಾನದ ಯಶಸ್ಸಿಗೆ ಶ್ರಮಿಸಿದರು.

ರಾಮಕೃಷ್ಣ ಮಠ, ರಾಮಕೃಷ್ಣ ಮಿಷನ್, ಸ್ವಚ್ಛ ಮಂಗಳೂರು ಪ್ರತಿಷ್ಠಾನದ ವತಿಯಿಂದ ನಡೆದ ಧಾರ್ಮಿಕ ತ್ಯಾಜ್ಯ ವಿಲೇವಾರಿ ‘ವಿಸರ್ಜನೆ’ ಅಭಿಯಾನದಲ್ಲಿ ಸಂಗ್ರಹಗೊಂಡ ಹಳೆಯ ದೇವರ ಫೋಟೋಗಳು, ವಿಗ್ರಹಗಳು ಹಾಗೂ ಪೂಜಾ ಸಾಮಗ್ರಿಗಳನ್ನು ಸಂಸ್ಕರಿಸಿ ಪಡೆದ ಬೆಳ್ಳಿ, ತಾಮ್ರ ಮತ್ತು ಹಿತ್ತಾಳೆಯ ಲೋಹಗಳನ್ನು ಕದ್ರಿ ಶ್ರೀ ಮಂಜುನಾಥ ದೇವಸ್ಥಾನಕ್ಕೆ ಸಮರ್ಪಿಸಲಾಯಿತು. ಅಭಿಯಾನದಲ್ಲಿ ನಗರದ ನೂರಾರು ಸ್ವಯಂಸೇವಕರು ಭಾಗವಹಿಸಿದ್ದರು. ಮನೆ ಮನೆಗಳಿಂದ ಸಂಗ್ರಹಿಸಿದ ವಸ್ತುಗಳನ್ನು ವಿಂಗಡಿಸಿ ಪರಿಸರಸ್ನೇಹಿ ರೀತಿಯಲ್ಲಿ ವಿಲೇವಾರಿ ಮಾಡಲಾಯಿತು. ಸುಮಾರು 12,500 ಕಿಲೋಗ್ರಾಂ ಧಾರ್ಮಿಕ ತ್ಯಾಜ್ಯ ಸಂಗ್ರಹಗೊಂಡಿದ್ದು, ಅದರಲ್ಲಿ 15,000 ದೇವರ ಫೋಟೋ ಫ್ರೇಮ್‌ಗಳು, ಬಟ್ಟೆ ಹಾಗೂ ಲೋಹದ ವಸ್ತುಗಳು ಸೇರಿವೆ. ಸ್ವಾಮೀಜಿಯವರು ಮಾತನಾಡಿ, ಧಾರ್ಮಿಕ ವಸ್ತುಗಳನ್ನು ನದಿ, ಕೆರೆಗಳಿಗೆ ಎಸೆಯುವ ಬದಲು ಇಂತಹ ಅಭಿಯಾನಗಳಲ್ಲಿ ನೀಡಬೇಕು ಎಂದು ಮನವಿ

❝ ಈ ಅಭಿಯಾನದ ಮೂಲಕ ಶುದ್ಧಿಗೊಳಿಸಿದ ಲೋಹಗಳನ್ನು ದೇವಸ್ಥಾನಕ್ಕೆ ಸಮರ್ಪಿಸಲಾಗಿದೆ. ಈ ಪೂಜೆಯ ಮೂಲಕ ಪವಿತ್ರ ವಸ್ತುಗಳ ಗೌರವವನ್ನು ಕಾಪಾಡಲಾಗಿದೆ. ಸಾರ್ವಜನಿಕರು ಧಾರ್ಮಿಕ ತ್ಯಾಜ್ಯವನ್ನು ಪರಿಸರಕ್ಕೆ ಹಾನಿಯಾಗದಂತೆ ವಿಲೇವಾರಿ ಮಾಡುವ ಬಗ್ಗೆ ಜಾಗೃತಿ ವಹಿಸಬೇಕು.
ರಂಜನ್ ಬೆಳ್ಳರ್ಪಾಡಿ

ರಾಮಕೃಷ್ಣ ಮಠ, ರಾಮಕೃಷ್ಣ ಮಿಷನ್, ಸ್ವಚ್ಛ ಮಂಗಳೂರು ಪ್ರತಿಷ್ಠಾನದ ವತಿಯಿಂದ ನಡೆದ ಧಾರ್ಮಿಕ ತ್ಯಾಜ್ಯ ವಿಲೇವಾರಿ ‘ವಿಸರ್ಜನೆ’ ಅಭಿಯಾನದಲ್ಲಿ ಸಂಗ್ರಹಗೊಂಡ ಹಳೆಯ ದೇವರ ಫೋಟೋಗಳು, ವಿಗ್ರಹಗಳು ಹಾಗೂ ಪೂಜಾ ಸಾಮಗ್ರಿಗಳನ್ನು ಸಂಸ್ಕರಿಸಿ ಪಡೆದ ಬೆಳ್ಳಿ, ತಾಮ್ರ ಮತ್ತು ಹಿತ್ತಾಳೆಯ ಲೋಹಗಳನ್ನು ಕದ್ರಿ ಶ್ರೀ ಮಂಜುನಾಥ ದೇವಸ್ಥಾನಕ್ಕೆ ಸಮರ್ಪಿಸಲಾಯಿತು. ಅಭಿಯಾನದಲ್ಲಿ ನಗರದ ನೂರಾರು ಸ್ವಯಂಸೇವಕರು ಭಾಗವಹಿಸಿದ್ದರು.

ರಾಮಕೃಷ್ಣ ಮಠ, ರಾಮಕೃಷ್ಣ ಮಿಷನ್, ಸ್ವಚ್ಛ ಮಂಗಳೂರು ಪ್ರತಿಷ್ಠಾನದ ವತಿಯಿಂದ ನಡೆದ ಧಾರ್ಮಿಕ ತ್ಯಾಜ್ಯ ವಿಲೇವಾರಿ ‘ವಿಸರ್ಜನೆ’ ಅಭಿಯಾನದಲ್ಲಿ ಸಂಗ್ರಹಗೊಂಡ ಹಳೆಯ ದೇವರ ಫೋಟೋಗಳು, ವಿಗ್ರಹಗಳು ಹಾಗೂ ಪೂಜಾ ಸಾಮಗ್ರಿಗಳನ್ನು ಸಂಸ್ಕರಿಸಿ ಪಡೆದ ಬೆಳ್ಳಿ, ತಾಮ್ರ ಮತ್ತು ಹಿತ್ತಾಳೆಯ ಲೋಹಗಳನ್ನು ಕದ್ರಿ ಶ್ರೀ ಮಂಜುನಾಥ ದೇವಸ್ಥಾನಕ್ಕೆ ಸಮರ್ಪಿಸಲಾಯಿತು. ಅಭಿಯಾನದಲ್ಲಿ ನಗರದ ನೂರಾರು ಸ್ವಯಂಸೇವಕರು ಭಾಗವಹಿಸಿದ್ದರು. ಮನೆ ಮನೆಗಳಿಂದ ಸಂಗ್ರಹಿಸಿದ ವಸ್ತುಗಳನ್ನು ವಿಂಗಡಿಸಿ ಪರಿಸರಸ್ನೇಹಿ ರೀತಿಯಲ್ಲಿ ವಿಲೇವಾರಿ ಮಾಡಲಾಯಿತು. ಸುಮಾರು 12,500 ಕಿಲೋಗ್ರಾಂ ಧಾರ್ಮಿಕ ತ್ಯಾಜ್ಯ ಸಂಗ್ರಹಗೊಂಡಿದ್ದು, ಅದರಲ್ಲಿ 15,000 ದೇವರ ಫೋಟೋ ಫ್ರೇಮ್‌ಗಳು, ಬಟ್ಟೆ ಹಾಗೂ ಲೋಹದ ವಸ್ತುಗಳು ಸೇರಿವೆ. ಸ್ವಾಮೀಜಿಯವರು ಮಾತನಾಡಿ, ಧಾರ್ಮಿಕ ವಸ್ತುಗಳನ್ನು ನದಿ, ಕೆರೆಗಳಿಗೆ ಎಸೆಯುವ ಬದಲು ಇಂತಹ ಅಭಿಯಾನಗಳಲ್ಲಿ ನೀಡಬೇಕು ಎಂದು ಮನವಿ ಮಾಡಿದರು. ದೇವಸ್ಥಾನದ ಆಡಳಿತ ಮಂಡಳಿ ಸದಸ್ಯರು ಲೋಹಗಳನ್ನು ಸ್ವೀಕರಿಸಿದರು. ಈ ಲೋಹಗಳನ್ನು ದೇವಸ್ಥಾನದ ಜೀರ್ಣೋದ್ಧಾರ ಕಾರ್ಯಕ್ಕೆ ಬಳಸಲಾಗುವುದು. ಸಂಸ್ಕರಣೆಯಿಂದ ಬೆಳ್ಳಿ (500 ಕೆಜಿ), ತಾಮ್ರ (500 ಕೆಜಿ), ಹಿತ್ತಾಳೆ (300 ಕೆಜಿ) ಲಭಿಸಿದೆ. ಮರದ ವಸ್ತುಗಳು (2500 ಕೆಜಿ), ಕಾಗದ (1200 ಕೆಜಿ), ಗಾಜು (800 ಕೆಜಿ) ಹಾಗೂ ಪ್ಲಾಸ್ಟಿಕ್ (700 ಕೆಜಿ) ಪ್ರತ್ಯೇಕವಾಗಿ ವಿಲೇವಾರಿ ಮಾಡಲಾಗಿದೆ. ಈ ಸಂದರ್ಭದಲ್ಲಿ ದೇವಸ್ಥಾನದ ಆಡಳಿತಾಧಿಕಾರಿ, ಅರ್ಚಕರು, ರಾಮಕೃಷ್ಣ ಮಠದ ಸ್ವಾಮೀಜಿಗಳು ಹಾಗೂ ಸ್ವಯಂಸೇವಕರು ಉಪಸ್ಥಿತರಿದ್ದರು. ರಂಜನ್ ಬೆಳ್ಳರ್ಪಾಡಿ, ಕಿಶೋರ್ ಕುಮಾರ್ ಮೊದಲಾದವರು ಅಭಿಯಾನದ ಯಶಸ್ಸಿಗೆ ಶ್ರಮಿಸಿದರು.
